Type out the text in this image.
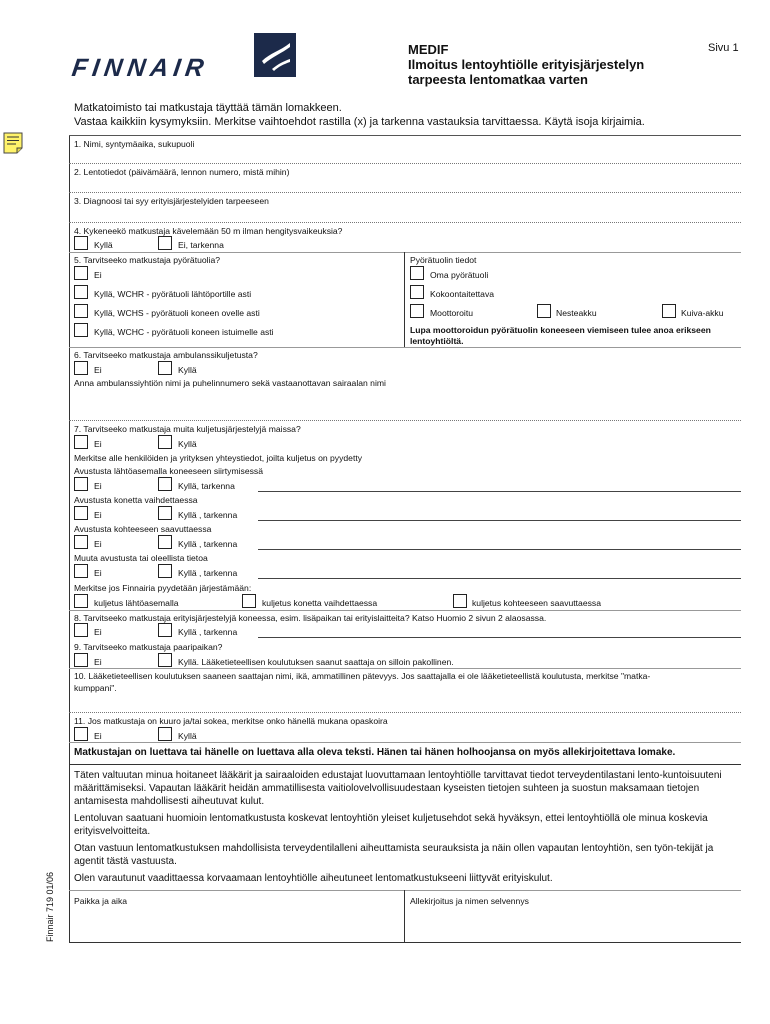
FINNAIR
MEDIF
Ilmoitus lentoyhtiölle erityisjärjestelyn
tarpeesta lentomatkaa varten
Sivu 1
Matkatoimisto tai matkustaja täyttää tämän lomakkeen.
Vastaa kaikkiin kysymyksiin. Merkitse vaihtoehdot rastilla (x) ja tarkenna vastauksia tarvittaessa. Käytä isoja kirjaimia.
1. Nimi, syntymäaika, sukupuoli
2. Lentotiedot (päivämäärä, lennon numero, mistä mihin)
3. Diagnoosi tai syy erityisjärjestelyiden tarpeeseen
4. Kykeneekö matkustaja kävelemään 50 m ilman hengitysvaikeuksia?
Kyllä	Ei, tarkenna
5. Tarvitseeko matkustaja pyörätuolia?	Pyörätuolin tiedot
Ei	Oma pyörätuoli
Kyllä, WCHR - pyörätuoli lähtöportille asti	Kokoontaitettava
Kyllä, WCHS - pyörätuoli koneen ovelle asti	Moottoroitu	Nesteakku	Kuiva-akku
Kyllä, WCHC - pyörätuoli koneen istuimelle asti	Lupa moottoroidun pyörätuolin koneeseen viemiseen tulee anoa erikseen
lentoyhtiöltä.
6. Tarvitseeko matkustaja ambulanssikuljetusta?
Ei	Kyllä
Anna ambulanssiyhtiön nimi ja puhelinnumero sekä vastaanottavan sairaalan nimi
7. Tarvitseeko matkustaja muita kuljetusjärjestelyjä maissa?
Ei	Kyllä
Merkitse alle henkilöiden ja yrityksen yhteystiedot, joilta kuljetus on pyydetty
Avustusta lähtöasemalla koneeseen siirtymisessä
Ei	Kyllä, tarkenna
Avustusta konetta vaihdettaessa
Ei	Kyllä , tarkenna
Avustusta kohteeseen saavuttaessa
Ei	Kyllä , tarkenna
Muuta avustusta tai oleellista tietoa
Ei	Kyllä , tarkenna
Merkitse jos Finnairia pyydetään järjestämään:
kuljetus lähtöasemalla	kuljetus konetta vaihdettaessa	kuljetus kohteeseen saavuttaessa
8. Tarvitseeko matkustaja erityisjärjestelyjä koneessa, esim. lisäpaikan tai erityislaitteita? Katso Huomio 2 sivun 2 alaosassa.
Ei	Kyllä , tarkenna
9. Tarvitseeko matkustaja paaripaikan?
Ei	Kyllä. Lääketieteellisen koulutuksen saanut saattaja on silloin pakollinen.
10. Lääketieteellisen koulutuksen saaneen saattajan nimi, ikä, ammatillinen pätevyys. Jos saattajalla ei ole lääketieteellistä koulutusta, merkitse "matka-
kumppani".
11. Jos matkustaja on kuuro ja/tai sokea, merkitse onko hänellä mukana opaskoira
Ei	Kyllä
Matkustajan on luettava tai hänelle on luettava alla oleva teksti. Hänen tai hänen holhoojansa on myös allekirjoitettava lomake.
Täten valtuutan minua hoitaneet lääkärit ja sairaaloiden edustajat luovuttamaan lentoyhtiölle tarvittavat tiedot terveydentilastani lento-kuntoisuuteni määrittämiseksi. Vapautan lääkärit heidän ammatillisesta vaitiolovelvollisuudestaan kyseisten tietojen suhteen ja suostun maksamaan tietojen antamisesta mahdollisesti aiheutuvat kulut.
Lentoluvan saatuani huomioin lentomatkustusta koskevat lentoyhtiön yleiset kuljetusehdot sekä hyväksyn, ettei lentoyhtiöllä ole minua koskevia erityisvelvoitteita.
Otan vastuun lentomatkustuksen mahdollisista terveydentilalleni aiheuttamista seurauksista ja näin ollen vapautan lentoyhtiön, sen työn-tekijät ja agentit tästä vastuusta.
Olen varautunut vaadittaessa korvaamaan lentoyhtiölle aiheutuneet lentomatkustukseeni liittyvät erityiskulut.
Paikka ja aika	Allekirjoitus ja nimen selvennys
Finnair 719 01/06
